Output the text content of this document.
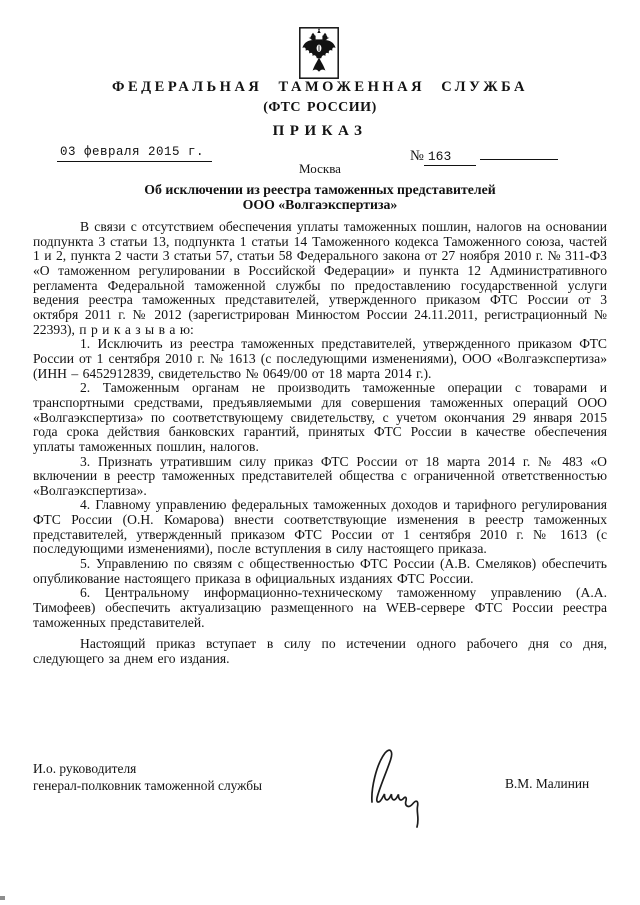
ФЕДЕРАЛЬНАЯ ТАМОЖЕННАЯ СЛУЖБА
(ФТС РОССИИ)
ПРИКАЗ
03 февраля 2015 г.	№ 163
Москва
Об исключении из реестра таможенных представителей
ООО «Волгаэкспертиза»

В связи с отсутствием обеспечения уплаты таможенных пошлин, налогов на основании подпункта 3 статьи 13, подпункта 1 статьи 14 Таможенного кодекса Таможенного союза, частей 1 и 2, пункта 2 части 3 статьи 57, статьи 58 Федерального закона от 27 ноября 2010 г. № 311-ФЗ «О таможенном регулировании в Российской Федерации» и пункта 12 Административного регламента Федеральной таможенной службы по предоставлению государственной услуги ведения реестра таможенных представителей, утвержденного приказом ФТС России от 3 октября 2011 г. № 2012 (зарегистрирован Минюстом России 24.11.2011, регистрационный № 22393), п р и к а з ы в а ю:

1. Исключить из реестра таможенных представителей, утвержденного приказом ФТС России от 1 сентября 2010 г. № 1613 (с последующими изменениями), ООО «Волгаэкспертиза» (ИНН – 6452912839, свидетельство № 0649/00 от 18 марта 2014 г.).

2. Таможенным органам не производить таможенные операции с товарами и транспортными средствами, предъявляемыми для совершения таможенных операций ООО «Волгаэкспертиза» по соответствующему свидетельству, с учетом окончания 29 января 2015 года срока действия банковских гарантий, принятых ФТС России в качестве обеспечения уплаты таможенных пошлин, налогов.

3. Признать утратившим силу приказ ФТС России от 18 марта 2014 г. № 483 «О включении в реестр таможенных представителей общества с ограниченной ответственностью «Волгаэкспертиза».

4. Главному управлению федеральных таможенных доходов и тарифного регулирования ФТС России (О.Н. Комарова) внести соответствующие изменения в реестр таможенных представителей, утвержденный приказом ФТС России от 1 сентября 2010 г. № 1613 (с последующими изменениями), после вступления в силу настоящего приказа.

5. Управлению по связям с общественностью ФТС России (А.В. Смеляков) обеспечить опубликование настоящего приказа в официальных изданиях ФТС России.

6. Центральному информационно-техническому таможенному управлению (А.А. Тимофеев) обеспечить актуализацию размещенного на WEB-сервере ФТС России реестра таможенных представителей.

Настоящий приказ вступает в силу по истечении одного рабочего дня со дня, следующего за днем его издания.

И.о. руководителя
генерал-полковник таможенной службы	В.М. Малинин
